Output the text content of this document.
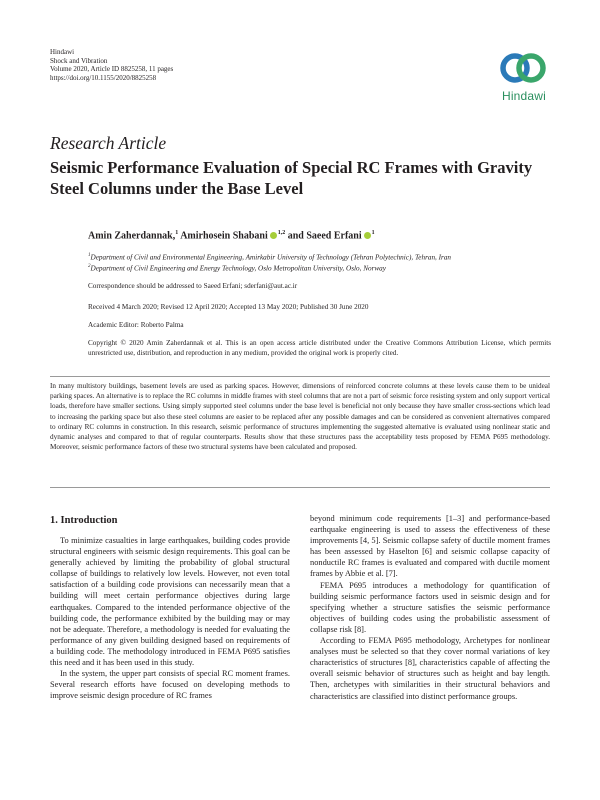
Hindawi
Shock and Vibration
Volume 2020, Article ID 8825258, 11 pages
https://doi.org/10.1155/2020/8825258
Hindawi
Research Article
Seismic Performance Evaluation of Special RC Frames with Gravity Steel Columns under the Base Level
Amin Zaherdannak,$^1$ Amirhosein Shabani $^{1,2}$ and Saeed Erfani $^1$
$^1$Department of Civil and Environmental Engineering, Amirkabir University of Technology (Tehran Polytechnic), Tehran, Iran
$^2$Department of Civil Engineering and Energy Technology, Oslo Metropolitan University, Oslo, Norway
Correspondence should be addressed to Saeed Erfani; sderfani@aut.ac.ir
Received 4 March 2020; Revised 12 April 2020; Accepted 13 May 2020; Published 30 June 2020
Academic Editor: Roberto Palma
Copyright © 2020 Amin Zaherdannak et al. This is an open access article distributed under the Creative Commons Attribution License, which permits unrestricted use, distribution, and reproduction in any medium, provided the original work is properly cited.
In many multistory buildings, basement levels are used as parking spaces. However, dimensions of reinforced concrete columns at these levels cause them to be unideal parking spaces. An alternative is to replace the RC columns in middle frames with steel columns that are not a part of seismic force resisting system and only support vertical loads, therefore have smaller sections. Using simply supported steel columns under the base level is beneficial not only because they have smaller cross-sections which lead to increasing the parking space but also these steel columns are easier to be replaced after any possible damages and can be considered as convenient alternatives compared to ordinary RC columns in construction. In this research, seismic performance of structures implementing the suggested alternative is evaluated using nonlinear static and dynamic analyses and compared to that of regular counterparts. Results show that these structures pass the acceptability tests proposed by FEMA P695 methodology. Moreover, seismic performance factors of these two structural systems have been calculated and proposed.
1. Introduction

To minimize casualties in large earthquakes, building codes provide structural engineers with seismic design requirements. This goal can be generally achieved by limiting the probability of global structural collapse of buildings to relatively low levels. However, not even total satisfaction of a building code provisions can necessarily mean that a building will meet certain performance objectives during large earthquakes. Compared to the intended performance objective of the building code, the performance exhibited by the building may or may not be adequate. Therefore, a methodology is needed for evaluating the performance of any given building designed based on requirements of a building code. The methodology introduced in FEMA P695 satisfies this need and it has been used in this study.

In the system, the upper part consists of special RC moment frames. Several research efforts have focused on developing methods to improve seismic design procedure of RC frames

beyond minimum code requirements [1–3] and performance-based earthquake engineering is used to assess the effectiveness of these improvements [4, 5]. Seismic collapse safety of ductile moment frames has been assessed by Haselton [6] and seismic collapse capacity of nonductile RC frames is evaluated and compared with ductile moment frames by Abbie et al. [7].

FEMA P695 introduces a methodology for quantification of building seismic performance factors used in seismic design and for specifying whether a structure satisfies the seismic performance objectives of building codes using the probabilistic assessment of collapse risk [8].

According to FEMA P695 methodology, Archetypes for nonlinear analyses must be selected so that they cover normal variations of key characteristics of structures [8], characteristics capable of affecting the overall seismic behavior of structures such as height and bay length. Then, archetypes with similarities in their structural behaviors and characteristics are classified into distinct performance groups.
